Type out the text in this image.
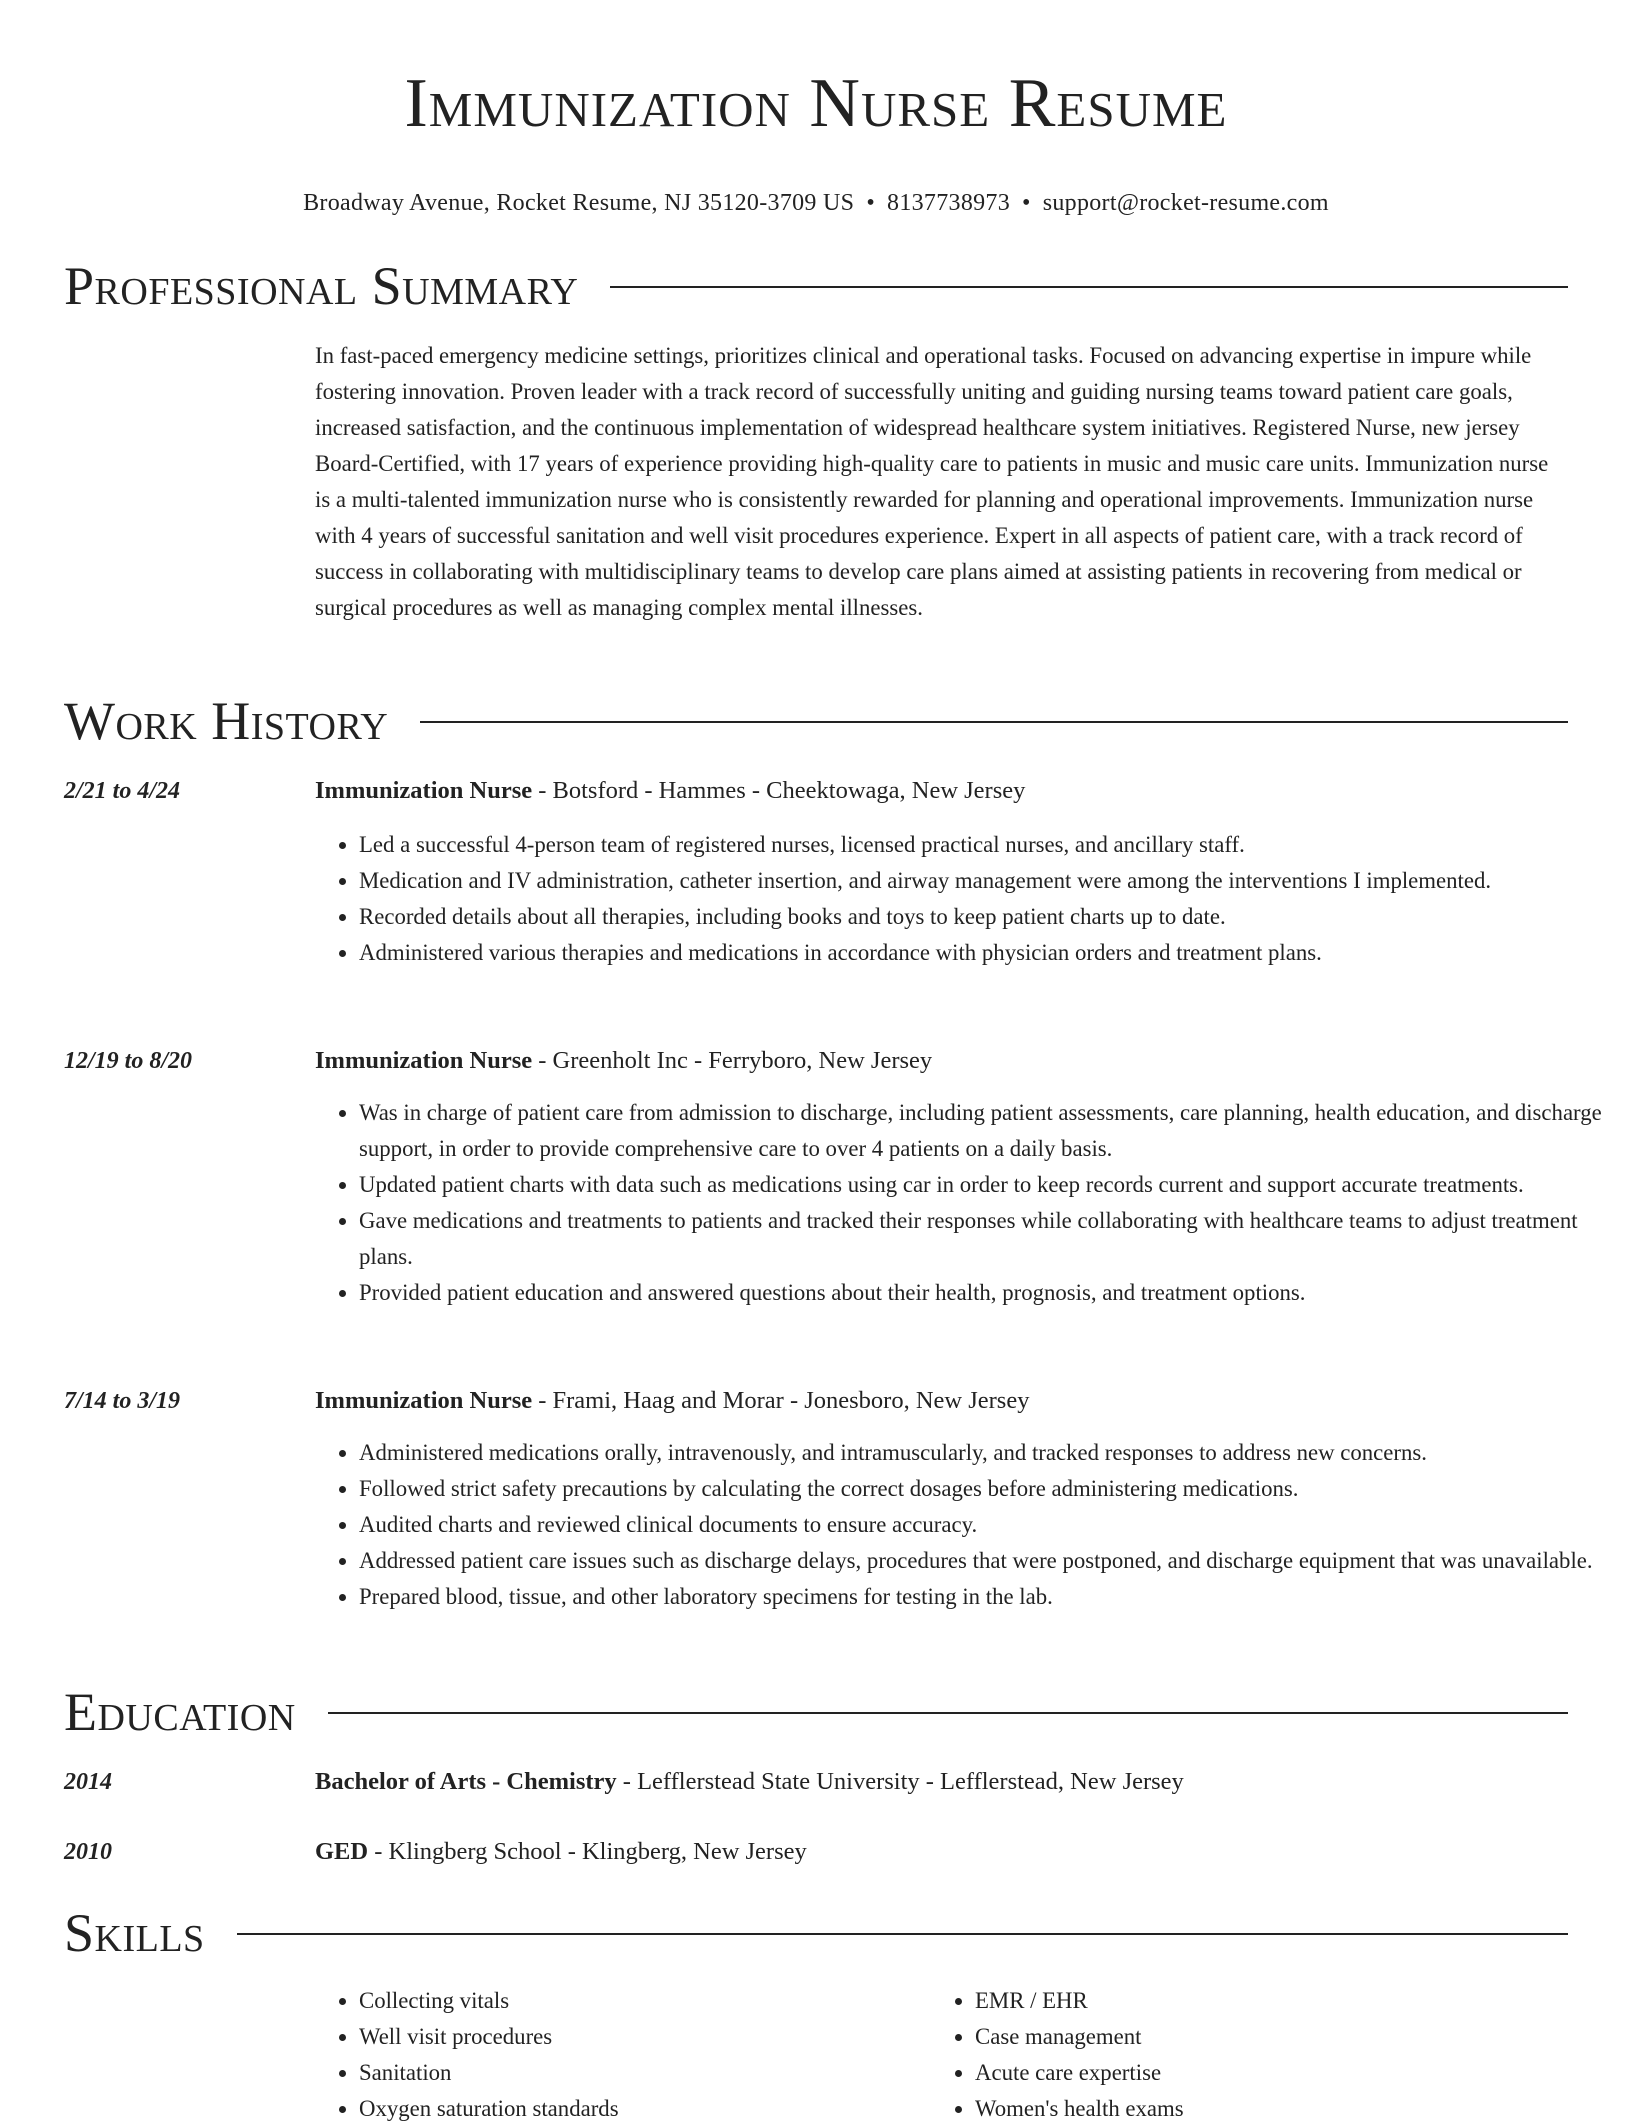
Immunization Nurse Resume
Broadway Avenue, Rocket Resume, NJ 35120-3709 US • 8137738973 • support@rocket-resume.com
Professional Summary

In fast-paced emergency medicine settings, prioritizes clinical and operational tasks. Focused on advancing expertise in impure while fostering innovation. Proven leader with a track record of successfully uniting and guiding nursing teams toward patient care goals, increased satisfaction, and the continuous implementation of widespread healthcare system initiatives. Registered Nurse, new jersey Board-Certified, with 17 years of experience providing high-quality care to patients in music and music care units. Immunization nurse is a multi-talented immunization nurse who is consistently rewarded for planning and operational improvements. Immunization nurse with 4 years of successful sanitation and well visit procedures experience. Expert in all aspects of patient care, with a track record of success in collaborating with multidisciplinary teams to develop care plans aimed at assisting patients in recovering from medical or surgical procedures as well as managing complex mental illnesses.

Work History
2/21 to 4/24	Immunization Nurse - Botsford - Hammes - Cheektowaga, New Jersey
• Led a successful 4-person team of registered nurses, licensed practical nurses, and ancillary staff.
• Medication and IV administration, catheter insertion, and airway management were among the interventions I implemented.
• Recorded details about all therapies, including books and toys to keep patient charts up to date.
• Administered various therapies and medications in accordance with physician orders and treatment plans.
12/19 to 8/20	Immunization Nurse - Greenholt Inc - Ferryboro, New Jersey
• Was in charge of patient care from admission to discharge, including patient assessments, care planning, health education, and discharge support, in order to provide comprehensive care to over 4 patients on a daily basis.
• Updated patient charts with data such as medications using car in order to keep records current and support accurate treatments.
• Gave medications and treatments to patients and tracked their responses while collaborating with healthcare teams to adjust treatment plans.
• Provided patient education and answered questions about their health, prognosis, and treatment options.
7/14 to 3/19	Immunization Nurse - Frami, Haag and Morar - Jonesboro, New Jersey
• Administered medications orally, intravenously, and intramuscularly, and tracked responses to address new concerns.
• Followed strict safety precautions by calculating the correct dosages before administering medications.
• Audited charts and reviewed clinical documents to ensure accuracy.
• Addressed patient care issues such as discharge delays, procedures that were postponed, and discharge equipment that was unavailable.
• Prepared blood, tissue, and other laboratory specimens for testing in the lab.
Education
2014	Bachelor of Arts - Chemistry - Lefflerstead State University - Lefflerstead, New Jersey
2010	GED - Klingberg School - Klingberg, New Jersey
Skills
• Collecting vitals
• Well visit procedures
• Sanitation
• Oxygen saturation standards
• EMR / EHR
• Case management
• Acute care expertise
• Women's health exams
